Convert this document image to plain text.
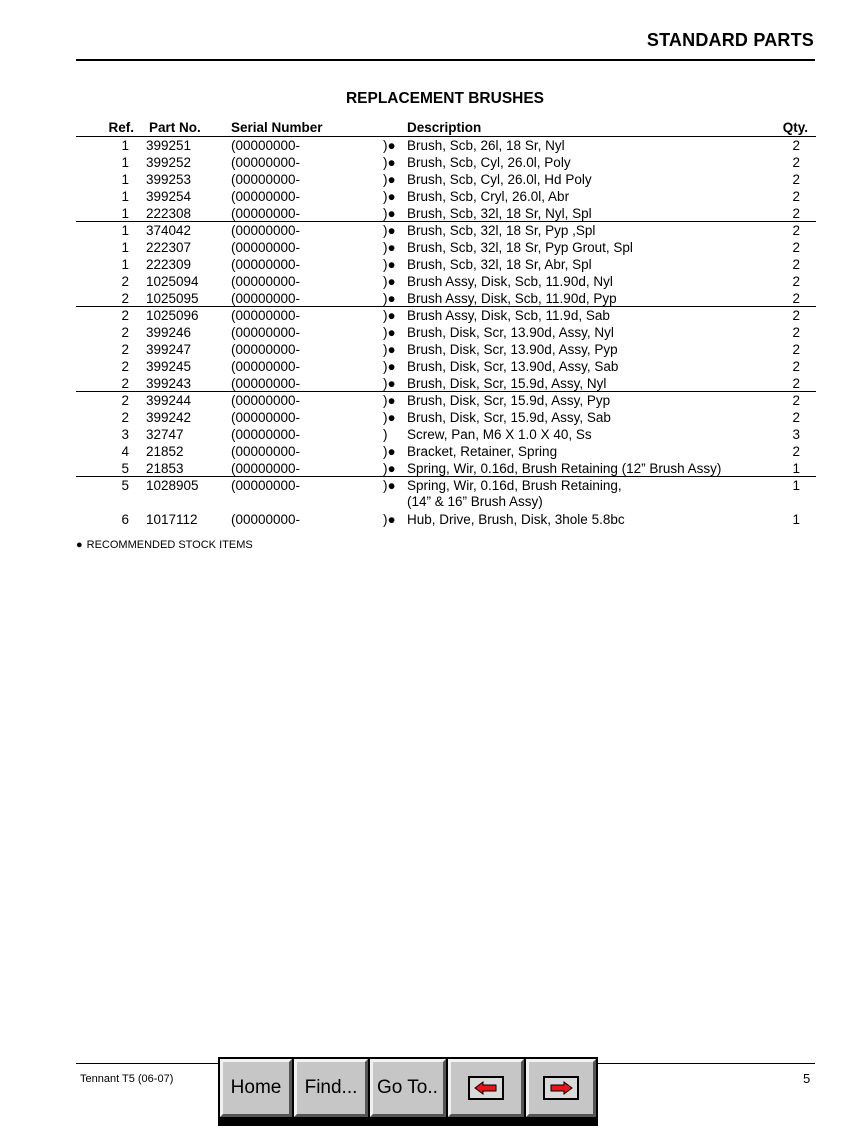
STANDARD PARTS
REPLACEMENT BRUSHES
Ref. Part No. Serial Number	Description	Qty.
1 399251	(00000000-	)● Brush, Scb, 26l, 18 Sr, Nyl	2
1 399252	(00000000-	)● Brush, Scb, Cyl, 26.0l, Poly	2
1 399253	(00000000-	)● Brush, Scb, Cyl, 26.0l, Hd Poly	2
1 399254	(00000000-	)● Brush, Scb, Cryl, 26.0l, Abr	2
1 222308	(00000000-	)● Brush, Scb, 32l, 18 Sr, Nyl, Spl	2
1 374042	(00000000-	)● Brush, Scb, 32l, 18 Sr, Pyp ,Spl	2
1 222307	(00000000-	)● Brush, Scb, 32l, 18 Sr, Pyp Grout, Spl	2
1 222309	(00000000-	)● Brush, Scb, 32l, 18 Sr, Abr, Spl	2
2 1025094 (00000000-	)● Brush Assy, Disk, Scb, 11.90d, Nyl	2
2 1025095 (00000000-	)● Brush Assy, Disk, Scb, 11.90d, Pyp	2
2 1025096 (00000000-	)● Brush Assy, Disk, Scb, 11.9d, Sab	2
2 399246	(00000000-	)● Brush, Disk, Scr, 13.90d, Assy, Nyl	2
2 399247	(00000000-	)● Brush, Disk, Scr, 13.90d, Assy, Pyp	2
2 399245	(00000000-	)● Brush, Disk, Scr, 13.90d, Assy, Sab	2
2 399243	(00000000-	)● Brush, Disk, Scr, 15.9d, Assy, Nyl	2
2 399244	(00000000-	)● Brush, Disk, Scr, 15.9d, Assy, Pyp	2
2 399242	(00000000-	)● Brush, Disk, Scr, 15.9d, Assy, Sab	2
3 32747	(00000000-	) Screw, Pan, M6 X 1.0 X 40, Ss	3
4 21852	(00000000-	)● Bracket, Retainer, Spring	2
5 21853	(00000000-	)● Spring, Wir, 0.16d, Brush Retaining (12” Brush Assy)	1
5 1028905 (00000000-	)● Spring, Wir, 0.16d, Brush Retaining,	1
(14” & 16” Brush Assy)
6 1017112 (00000000-	)● Hub, Drive, Brush, Disk, 3hole 5.8bc	1
● RECOMMENDED STOCK ITEMS
Tennant T5 (06-07)	5
Home	Find...	Go To..
